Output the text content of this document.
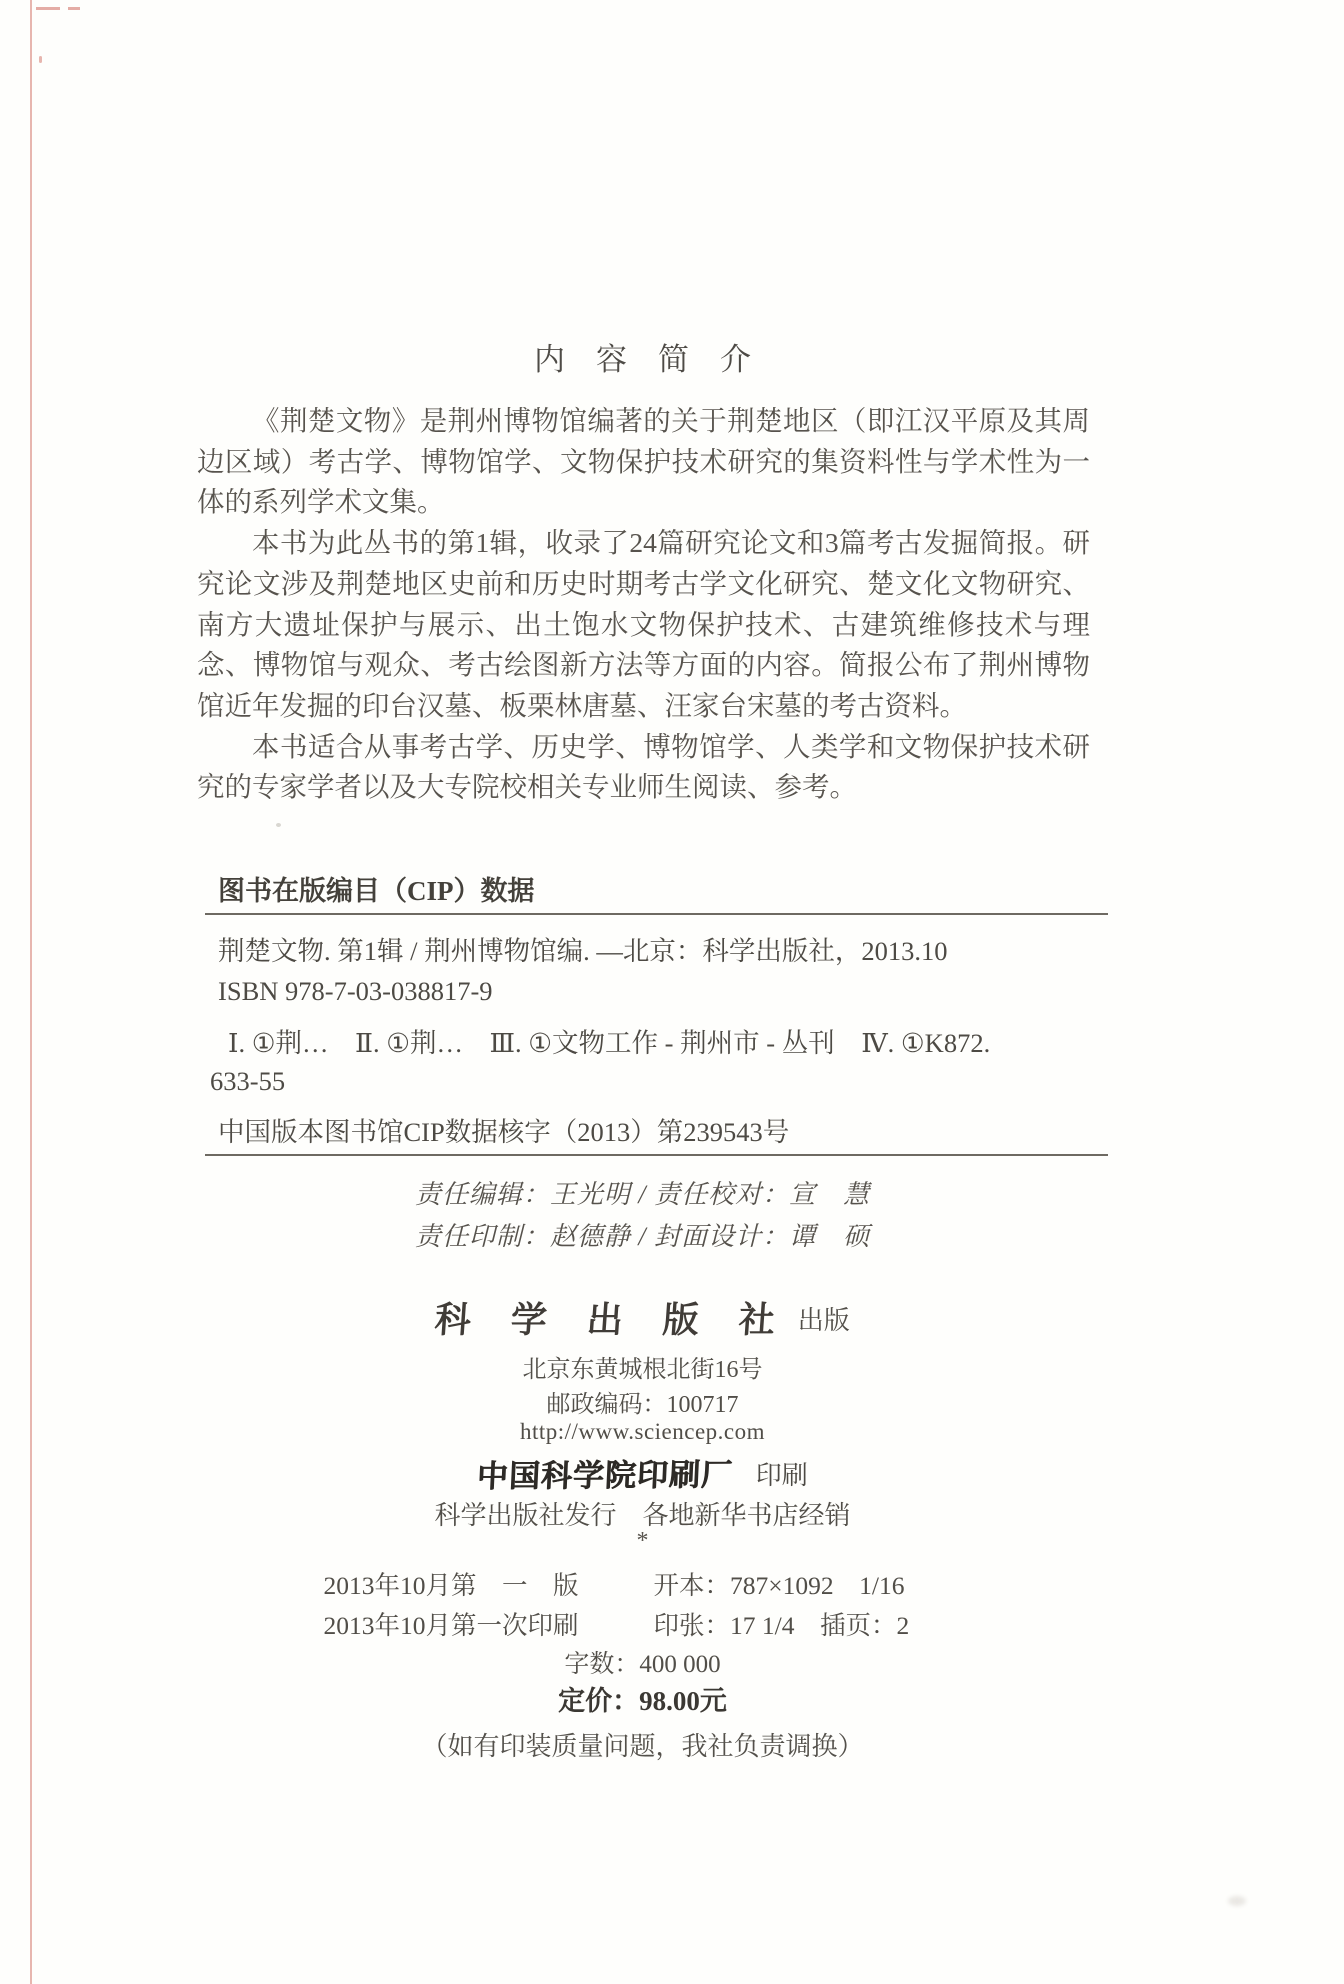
内　容　简　介

《荆楚文物》是荆州博物馆编著的关于荆楚地区（即江汉平原及其周边区域）考古学、博物馆学、文物保护技术研究的集资料性与学术性为一体的系列学术文集。

本书为此丛书的第1辑，收录了24篇研究论文和3篇考古发掘简报。研究论文涉及荆楚地区史前和历史时期考古学文化研究、楚文化文物研究、南方大遗址保护与展示、出土饱水文物保护技术、古建筑维修技术与理念、博物馆与观众、考古绘图新方法等方面的内容。简报公布了荆州博物馆近年发掘的印台汉墓、板栗林唐墓、汪家台宋墓的考古资料。

本书适合从事考古学、历史学、博物馆学、人类学和文物保护技术研究的专家学者以及大专院校相关专业师生阅读、参考。

图书在版编目（CIP）数据
荆楚文物. 第1辑 / 荆州博物馆编. —北京：科学出版社，2013.10
ISBN 978-7-03-038817-9
Ⅰ. ①荆…　Ⅱ. ①荆…　Ⅲ. ①文物工作 - 荆州市 - 丛刊　Ⅳ. ①K872.
633-55
中国版本图书馆CIP数据核字（2013）第239543号
责任编辑：王光明 / 责任校对：宣　慧
责任印制：赵德静 / 封面设计：谭　硕
科　学　出　版　社 出版
北京东黄城根北街16号
邮政编码：100717
http://www.sciencep.com
中国科学院印刷厂 印刷
科学出版社发行　各地新华书店经销
*
2013年10月第　一　版	开本：787×1092　1/16
2013年10月第一次印刷	印张：17 1/4　插页：2
字数：400 000
定价：98.00元
（如有印装质量问题，我社负责调换）
